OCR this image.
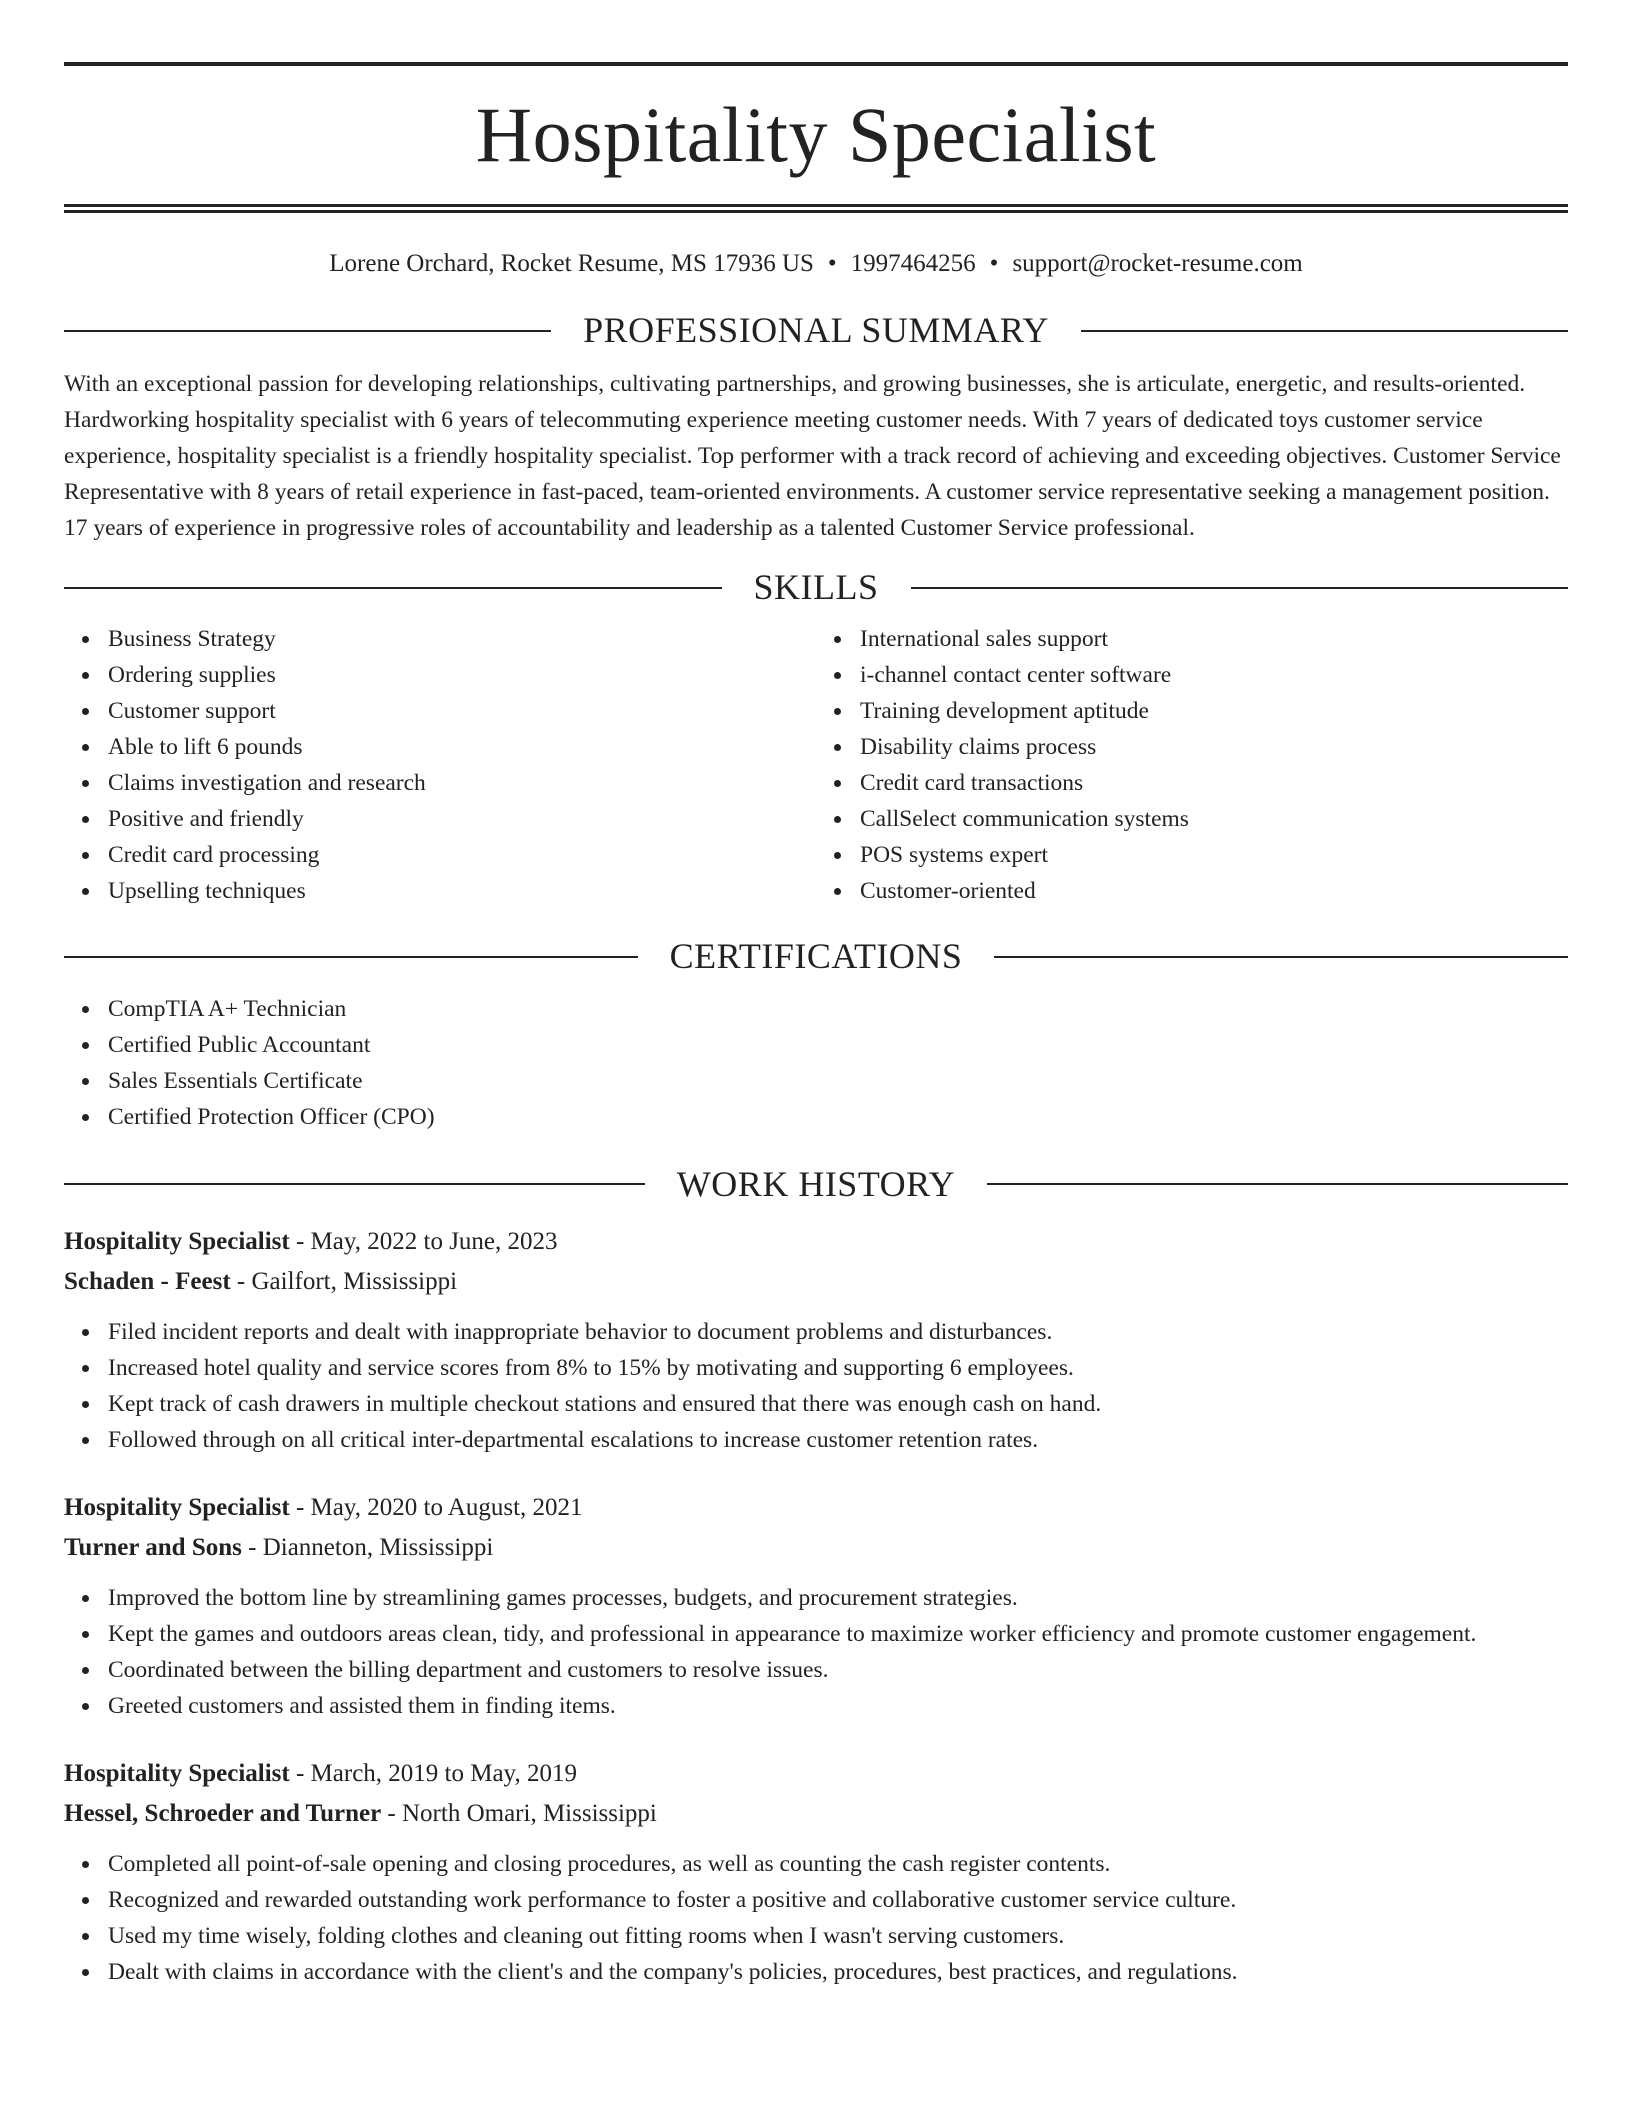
Hospitality Specialist
Lorene Orchard, Rocket Resume, MS 17936 US • 1997464256 • support@rocket-resume.com
PROFESSIONAL SUMMARY

With an exceptional passion for developing relationships, cultivating partnerships, and growing businesses, she is articulate, energetic, and results-oriented. Hardworking hospitality specialist with 6 years of telecommuting experience meeting customer needs. With 7 years of dedicated toys customer service experience, hospitality specialist is a friendly hospitality specialist. Top performer with a track record of achieving and exceeding objectives. Customer Service Representative with 8 years of retail experience in fast-paced, team-oriented environments. A customer service representative seeking a management position. 17 years of experience in progressive roles of accountability and leadership as a talented Customer Service professional.

SKILLS
Business Strategy
Ordering supplies
Customer support
Able to lift 6 pounds
Claims investigation and research
Positive and friendly
Credit card processing
Upselling techniques
International sales support
i-channel contact center software
Training development aptitude
Disability claims process
Credit card transactions
CallSelect communication systems
POS systems expert
Customer-oriented
CERTIFICATIONS
CompTIA A+ Technician
Certified Public Accountant
Sales Essentials Certificate
Certified Protection Officer (CPO)
WORK HISTORY
Hospitality Specialist - May, 2022 to June, 2023
Schaden - Feest - Gailfort, Mississippi
Filed incident reports and dealt with inappropriate behavior to document problems and disturbances.
Increased hotel quality and service scores from 8% to 15% by motivating and supporting 6 employees.
Kept track of cash drawers in multiple checkout stations and ensured that there was enough cash on hand.
Followed through on all critical inter-departmental escalations to increase customer retention rates.
Hospitality Specialist - May, 2020 to August, 2021
Turner and Sons - Dianneton, Mississippi
Improved the bottom line by streamlining games processes, budgets, and procurement strategies.
Kept the games and outdoors areas clean, tidy, and professional in appearance to maximize worker efficiency and promote customer engagement.
Coordinated between the billing department and customers to resolve issues.
Greeted customers and assisted them in finding items.
Hospitality Specialist - March, 2019 to May, 2019
Hessel, Schroeder and Turner - North Omari, Mississippi
Completed all point-of-sale opening and closing procedures, as well as counting the cash register contents.
Recognized and rewarded outstanding work performance to foster a positive and collaborative customer service culture.
Used my time wisely, folding clothes and cleaning out fitting rooms when I wasn't serving customers.
Dealt with claims in accordance with the client's and the company's policies, procedures, best practices, and regulations.
